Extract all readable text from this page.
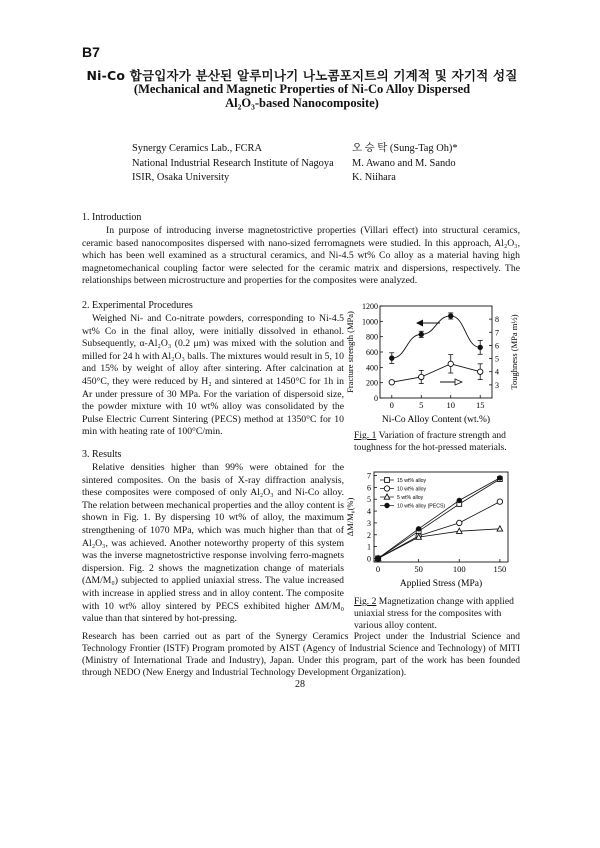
B7
Ni-Co 합금입자가 분산된 알루미나기 나노콤포지트의 기계적 및 자기적 성질
(Mechanical and Magnetic Properties of Ni-Co Alloy Dispersed
Al₂O₃-based Nanocomposite)
Synergy Ceramics Lab., FCRA
National Industrial Research Institute of Nagoya
ISIR, Osaka University
오 승 탁 (Sung-Tag Oh)*
M. Awano and M. Sando
K. Niihara
1. Introduction
In purpose of introducing inverse magnetostrictive properties (Villari effect) into structural ceramics, ceramic based nanocomposites dispersed with nano-sized ferromagnets were studied. In this approach, Al₂O₃, which has been well examined as a structural ceramics, and Ni-4.5 wt% Co alloy as a material having high magnetomechanical coupling factor were selected for the ceramic matrix and dispersions, respectively. The relationships between microstructure and properties for the composites were analyzed.
2. Experimental Procedures
Weighed Ni- and Co-nitrate powders, corresponding to Ni-4.5 wt% Co in the final alloy, were initially dissolved in ethanol. Subsequently, α-Al₂O₃ (0.2 μm) was mixed with the solution and milled for 24 h with Al₂O₃ balls. The mixtures would result in 5, 10 and 15% by weight of alloy after sintering. After calcination at 450°C, they were reduced by H₂ and sintered at 1450°C for 1h in Ar under pressure of 30 MPa. For the variation of dispersoid size, the powder mixture with 10 wt% alloy was consolidated by the Pulse Electric Current Sintering (PECS) method at 1350°C for 10 min with heating rate of 100°C/min.
3. Results
Relative densities higher than 99% were obtained for the sintered composites. On the basis of X-ray diffraction analysis, these composites were composed of only Al₂O₃ and Ni-Co alloy. The relation between mechanical properties and the alloy content is shown in Fig. 1. By dispersing 10 wt% of alloy, the maximum strengthening of 1070 MPa, which was much higher than that of Al₂O₃, was achieved. Another noteworthy property of this system was the inverse magnetostrictive response involving ferro-magnets dispersion. Fig. 2 shows the magnetization change of materials (ΔM/M₀) subjected to applied uniaxial stress. The value increased with increase in applied stress and in alloy content. The composite with 10 wt% alloy sintered by PECS exhibited higher ΔM/M₀ value than that sintered by hot-pressing.
Research has been carried out as part of the Synergy Ceramics Project under the Industrial Science and Technology Frontier (ISTF) Program promoted by AIST (Agency of Industrial Science and Technology) of MITI (Ministry of International Trade and Industry), Japan. Under this program, part of the work has been founded through NEDO (New Energy and Industrial Technology Development Organization).
28
0	5	10 15
0
200
400
600
800
1000
1200
3
4
5
6
7
8
Ni-Co Alloy Content (wt.%)
Fracture strength (MPa)	Toughness (MPa m½)
Fig. 1 Variation of fracture strength and toughness for the hot-pressed materials.
0	50	100	150
0
1
2
3
4
5
6
7
15 wt% alloy
10 wt% alloy
5 wt% alloy
10 wt% alloy (PECS)
Applied Stress (MPa)
ΔM/M₀(%)
Fig. 2 Magnetization change with applied uniaxial stress for the composites with various alloy content.
